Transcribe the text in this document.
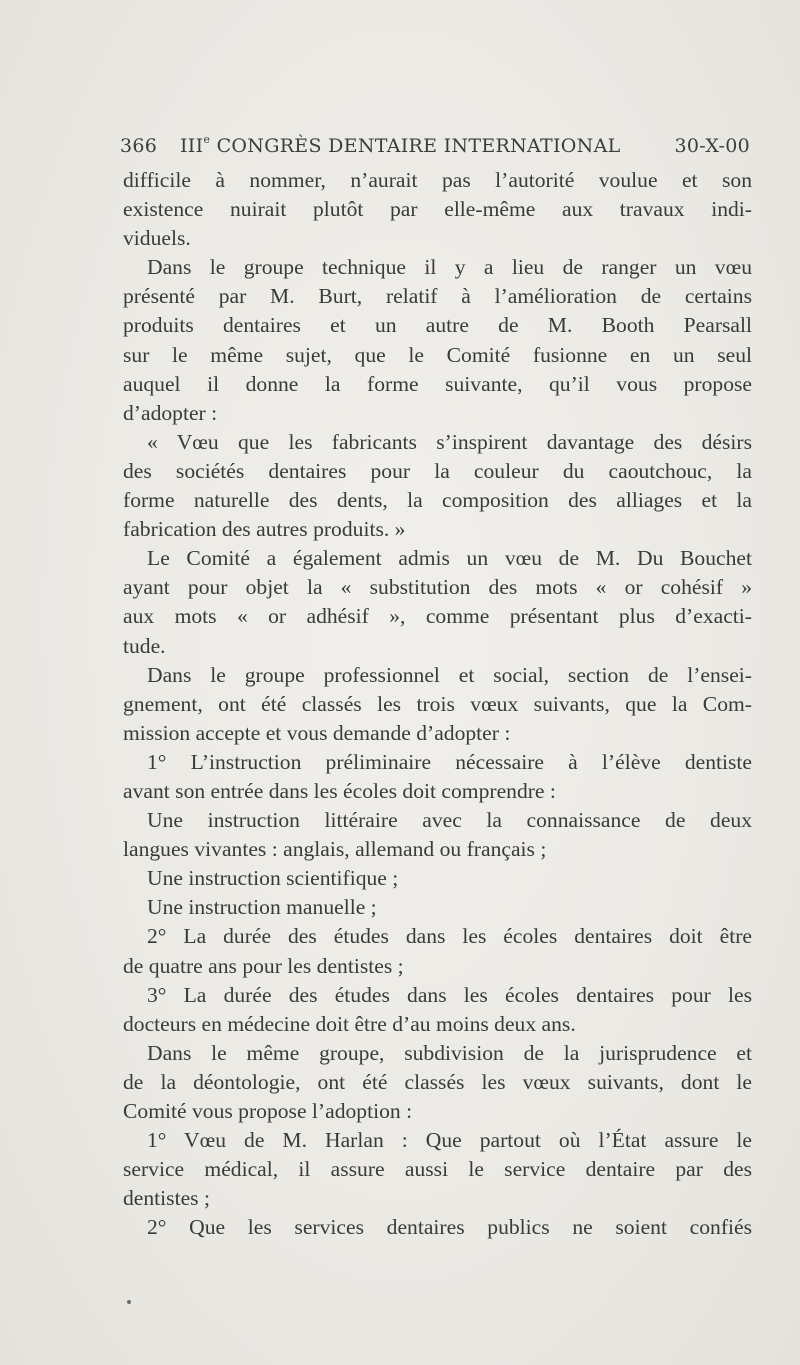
366 IIIe CONGRÈS DENTAIRE INTERNATIONAL	30-X-00
difficile à nommer, n’aurait pas l’autorité voulue et son
existence nuirait plutôt par elle-même aux travaux indi-
viduels.
Dans le groupe technique il y a lieu de ranger un vœu
présenté par M. Burt, relatif à l’amélioration de certains
produits dentaires et un autre de M. Booth Pearsall
sur le même sujet, que le Comité fusionne en un seul
auquel il donne la forme suivante, qu’il vous propose
d’adopter :
« Vœu que les fabricants s’inspirent davantage des désirs
des sociétés dentaires pour la couleur du caoutchouc, la
forme naturelle des dents, la composition des alliages et la
fabrication des autres produits. »
Le Comité a également admis un vœu de M. Du Bouchet
ayant pour objet la « substitution des mots « or cohésif »
aux mots « or adhésif », comme présentant plus d’exacti-
tude.
Dans le groupe professionnel et social, section de l’ensei-
gnement, ont été classés les trois vœux suivants, que la Com-
mission accepte et vous demande d’adopter :
1° L’instruction préliminaire nécessaire à l’élève dentiste
avant son entrée dans les écoles doit comprendre :
Une instruction littéraire avec la connaissance de deux
langues vivantes : anglais, allemand ou français ;
Une instruction scientifique ;
Une instruction manuelle ;
2° La durée des études dans les écoles dentaires doit être
de quatre ans pour les dentistes ;
3° La durée des études dans les écoles dentaires pour les
docteurs en médecine doit être d’au moins deux ans.
Dans le même groupe, subdivision de la jurisprudence et
de la déontologie, ont été classés les vœux suivants, dont le
Comité vous propose l’adoption :
1° Vœu de M. Harlan : Que partout où l’État assure le
service médical, il assure aussi le service dentaire par des
dentistes ;
2° Que les services dentaires publics ne soient confiés
